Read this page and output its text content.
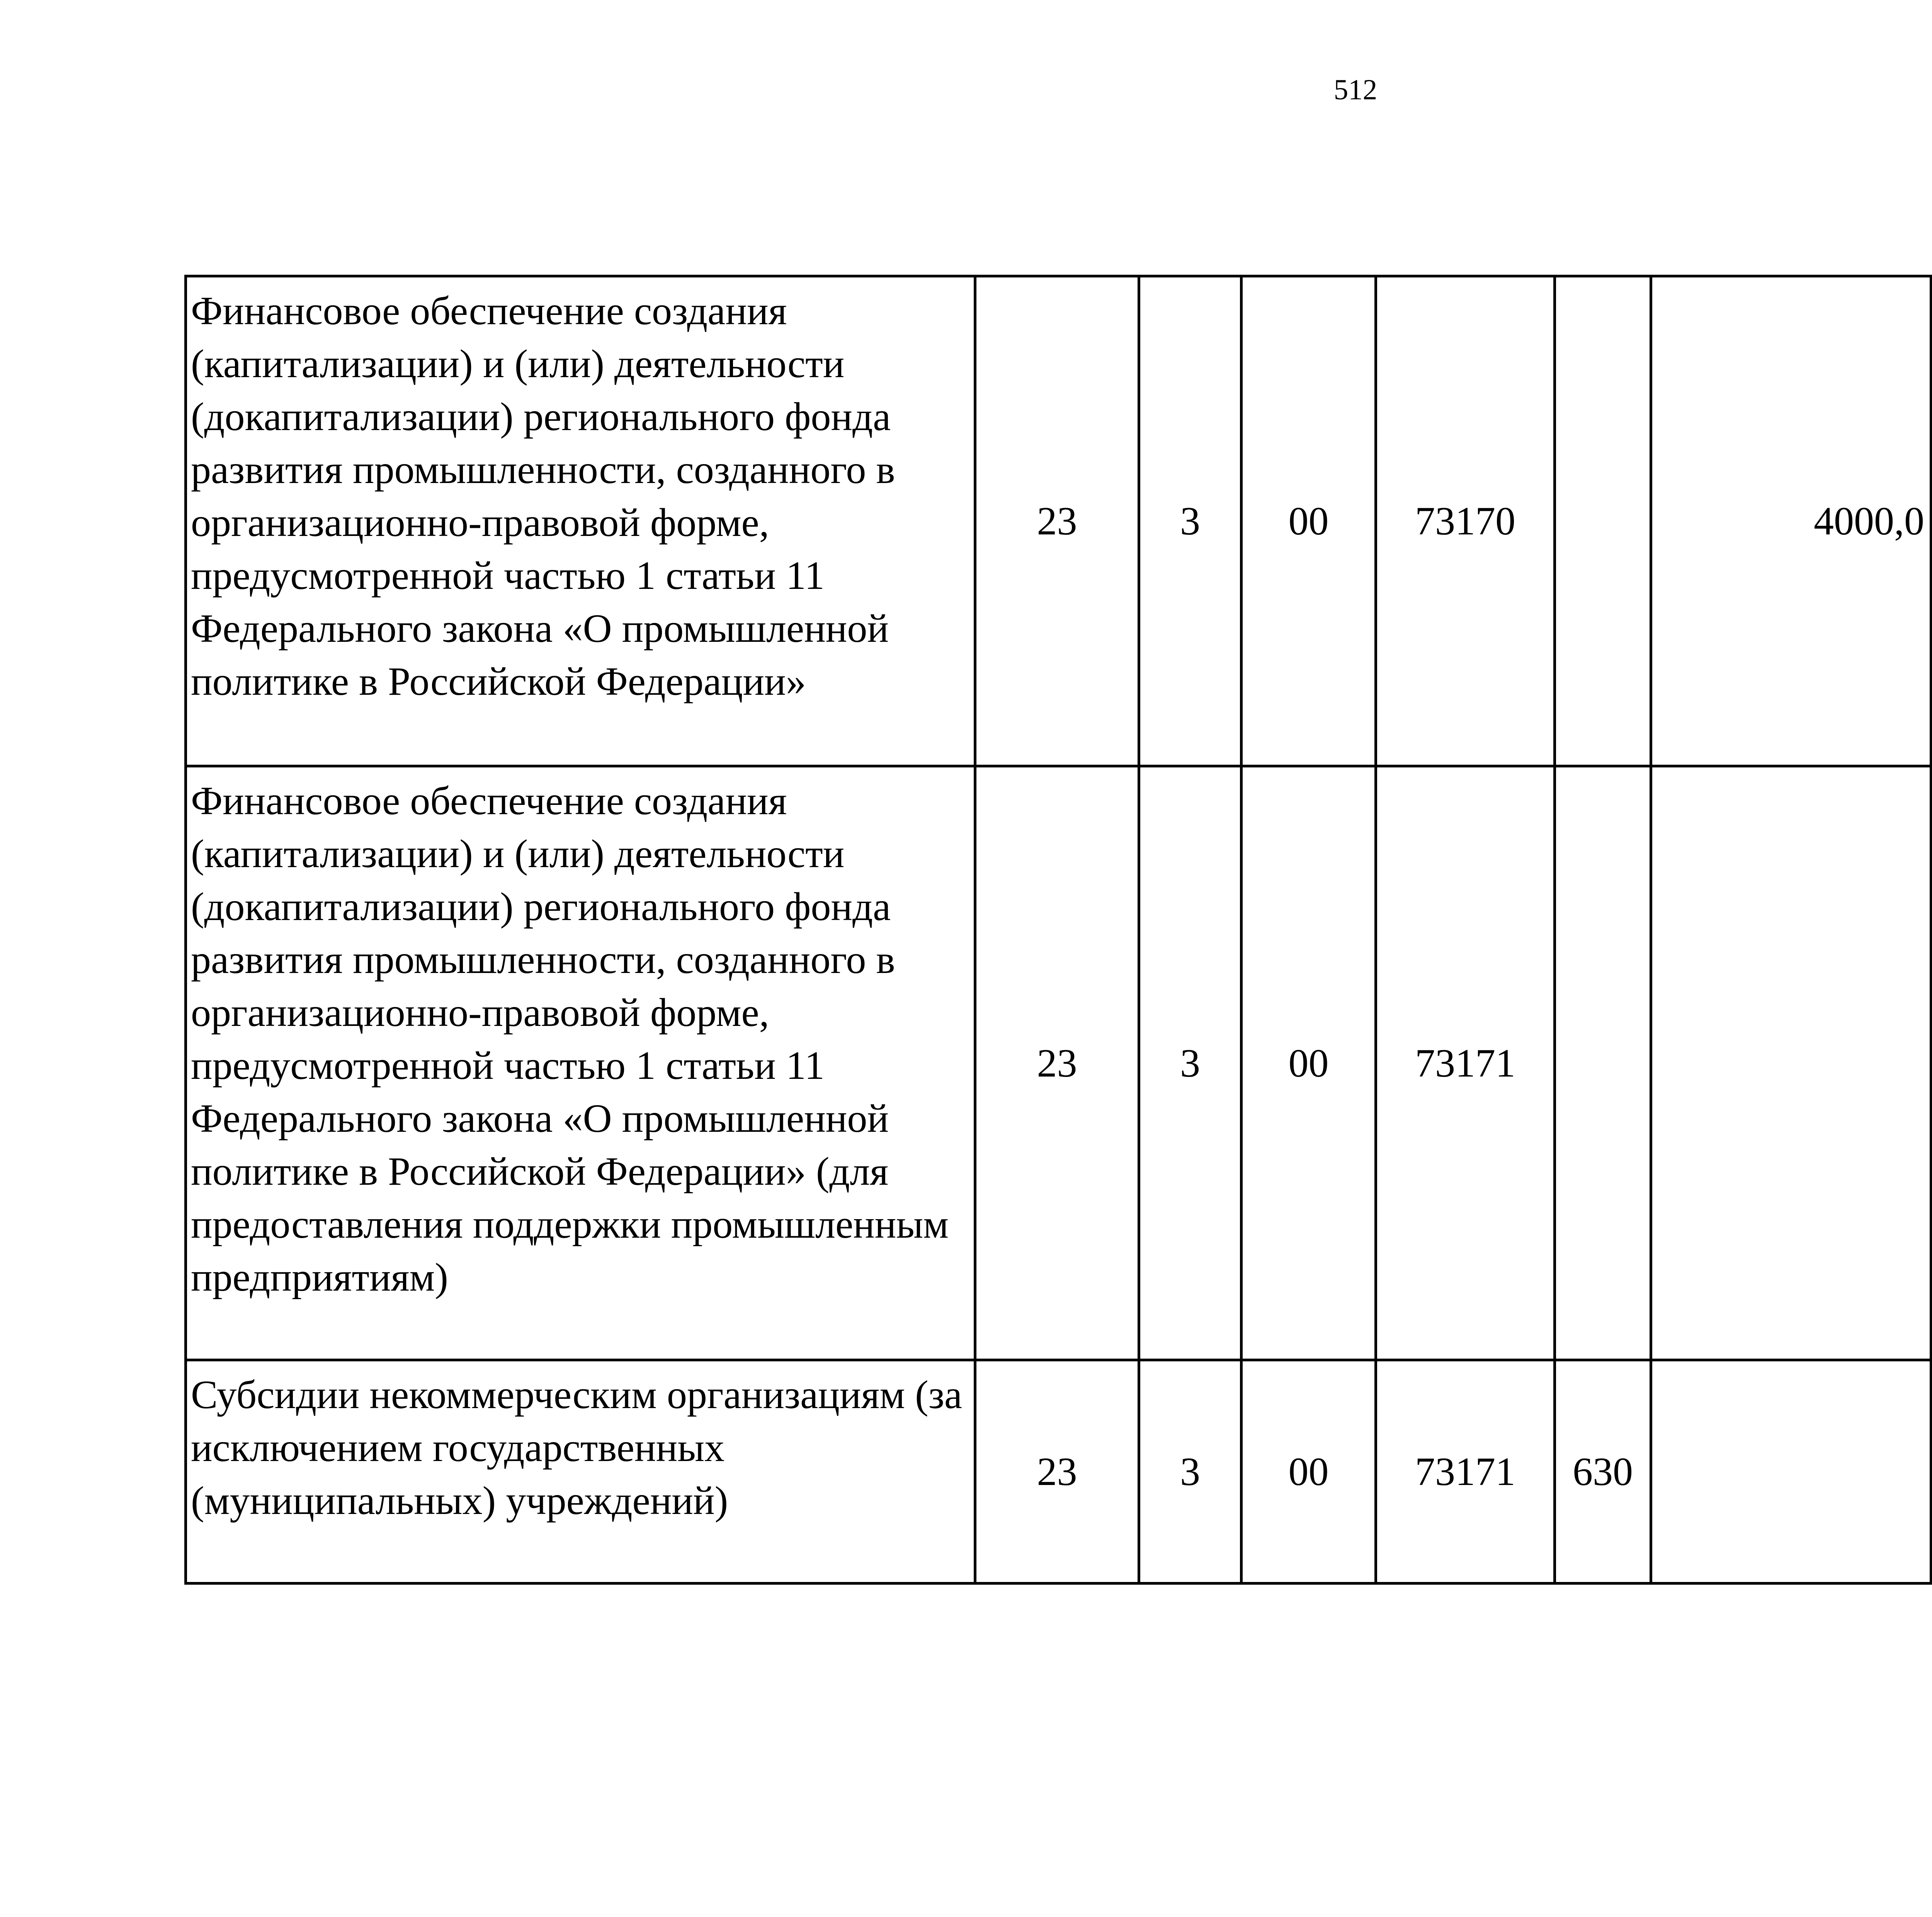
512
Финансовое обеспечение создания (капитализации) и (или) деятельности (докапитализации) регионального фонда развития промышленности, созданного в организационно-правовой форме, предусмотренной частью 1 статьи 11 Федерального закона «О промышленной политике в Российской Федерации»	23	3	00	73170		4000,0		
Финансовое обеспечение создания (капитализации) и (или) деятельности (докапитализации) регионального фонда развития промышленности, созданного в организационно-правовой форме, предусмотренной частью 1 статьи 11 Федерального закона «О промышленной политике в Российской Федерации» (для предоставления поддержки промышленным предприятиям)	23	3	00	73171				
Субсидии некоммерческим организациям (за исключением государственных (муниципальных) учреждений)	23	3	00	73171	630			
